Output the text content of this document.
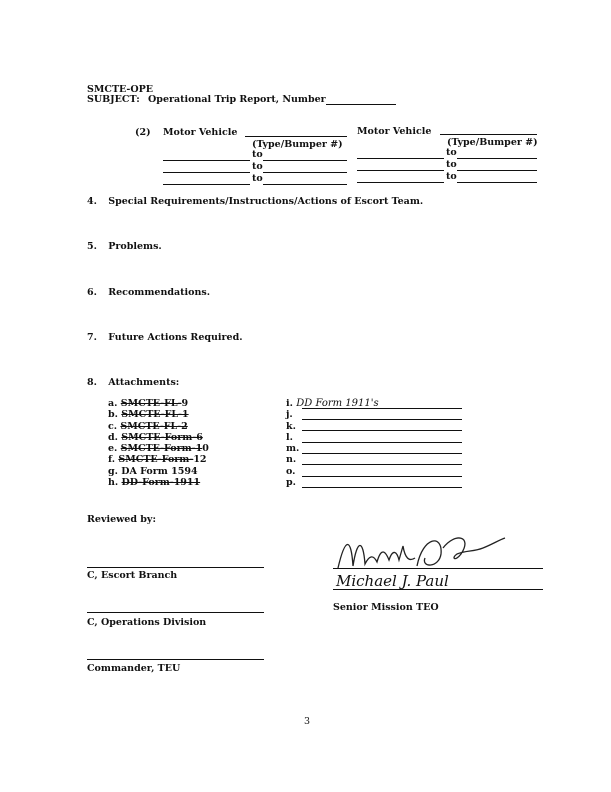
SMCTE-OPE
SUBJECT: Operational Trip Report, Number
(2) Motor Vehicle	Motor Vehicle
(Type/Bumper #)	(Type/Bumper #)
to
to
to
to
to
to
4. Special Requirements/Instructions/Actions of Escort Team.
5. Problems.
6. Recommendations.
7. Future Actions Required.
8. Attachments:
a. SMCTE-FL-9
b. SMCTE-FL-1
c. SMCTE-FL-2
d. SMCTE-Form-6
e. SMCTE-Form-10
f. SMCTE-Form-12
g. DA Form 1594
h. DD-Form-1911
i. DD Form 1911's
j.
k.
l.
m.
n.
o.
p.
Reviewed by:
C, Escort Branch
C, Operations Division
Commander, TEU
Michael J. Paul
Senior Mission TEO
3
